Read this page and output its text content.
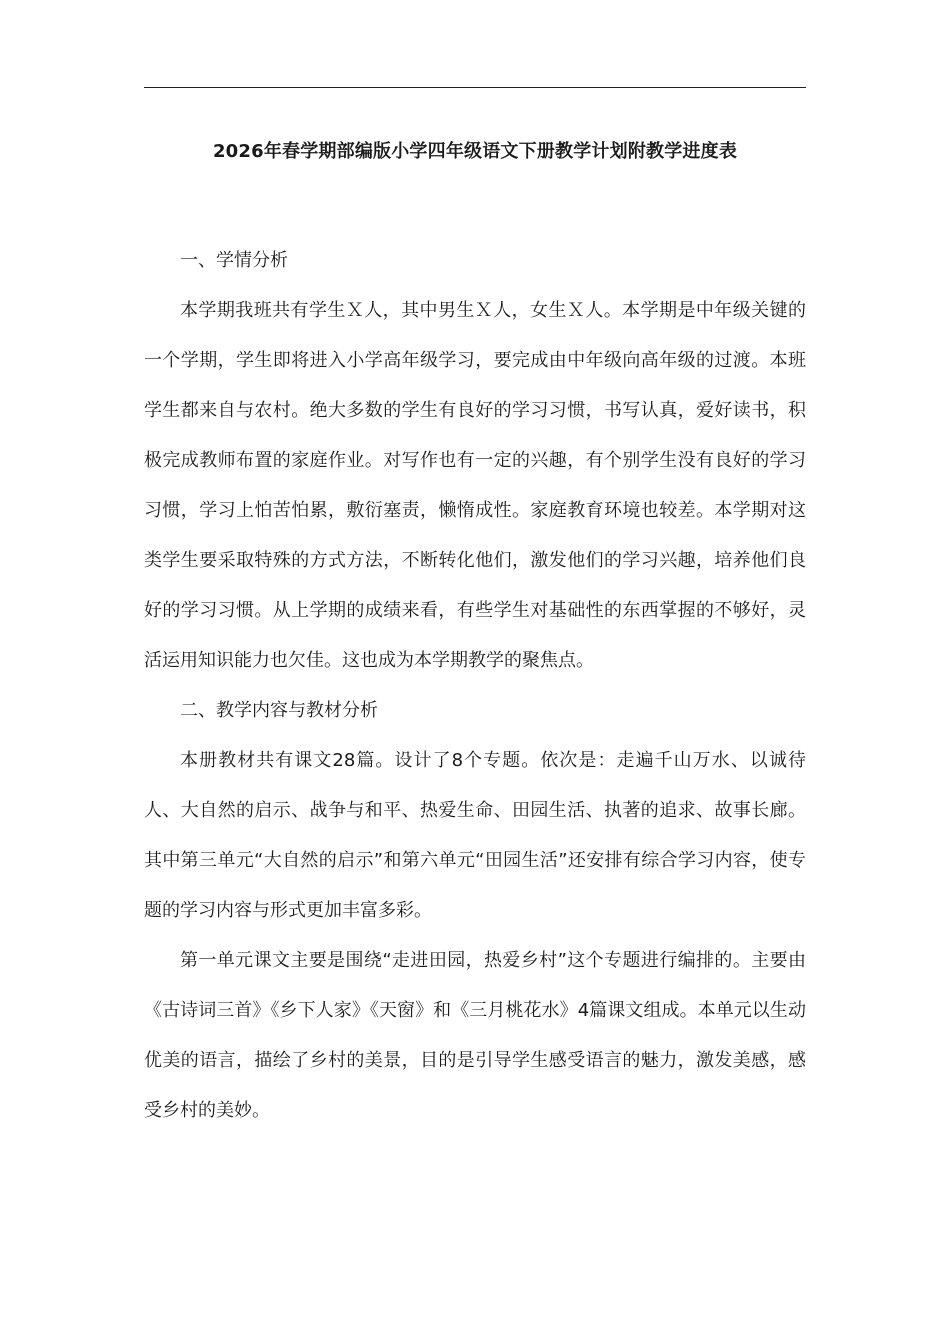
2026年春学期部编版小学四年级语文下册教学计划附教学进度表

一、学情分析

本学期我班共有学生Ｘ人，其中男生Ｘ人，女生Ｘ人。本学期是中年级关键的一个学期，学生即将进入小学高年级学习，要完成由中年级向高年级的过渡。本班学生都来自与农村。绝大多数的学生有良好的学习习惯，书写认真，爱好读书，积极完成教师布置的家庭作业。对写作也有一定的兴趣，有个别学生没有良好的学习习惯，学习上怕苦怕累，敷衍塞责，懒惰成性。家庭教育环境也较差。本学期对这类学生要采取特殊的方式方法，不断转化他们，激发他们的学习兴趣，培养他们良好的学习习惯。从上学期的成绩来看，有些学生对基础性的东西掌握的不够好，灵活运用知识能力也欠佳。这也成为本学期教学的聚焦点。

二、教学内容与教材分析

本册教材共有课文28篇。设计了8个专题。依次是：走遍千山万水、以诚待人、大自然的启示、战争与和平、热爱生命、田园生活、执著的追求、故事长廊。其中第三单元“大自然的启示”和第六单元“田园生活”还安排有综合学习内容，使专题的学习内容与形式更加丰富多彩。

第一单元课文主要是围绕“走进田园，热爱乡村”这个专题进行编排的。主要由《古诗词三首》《乡下人家》《天窗》和《三月桃花水》4篇课文组成。本单元以生动优美的语言，描绘了乡村的美景，目的是引导学生感受语言的魅力，激发美感，感受乡村的美妙。
